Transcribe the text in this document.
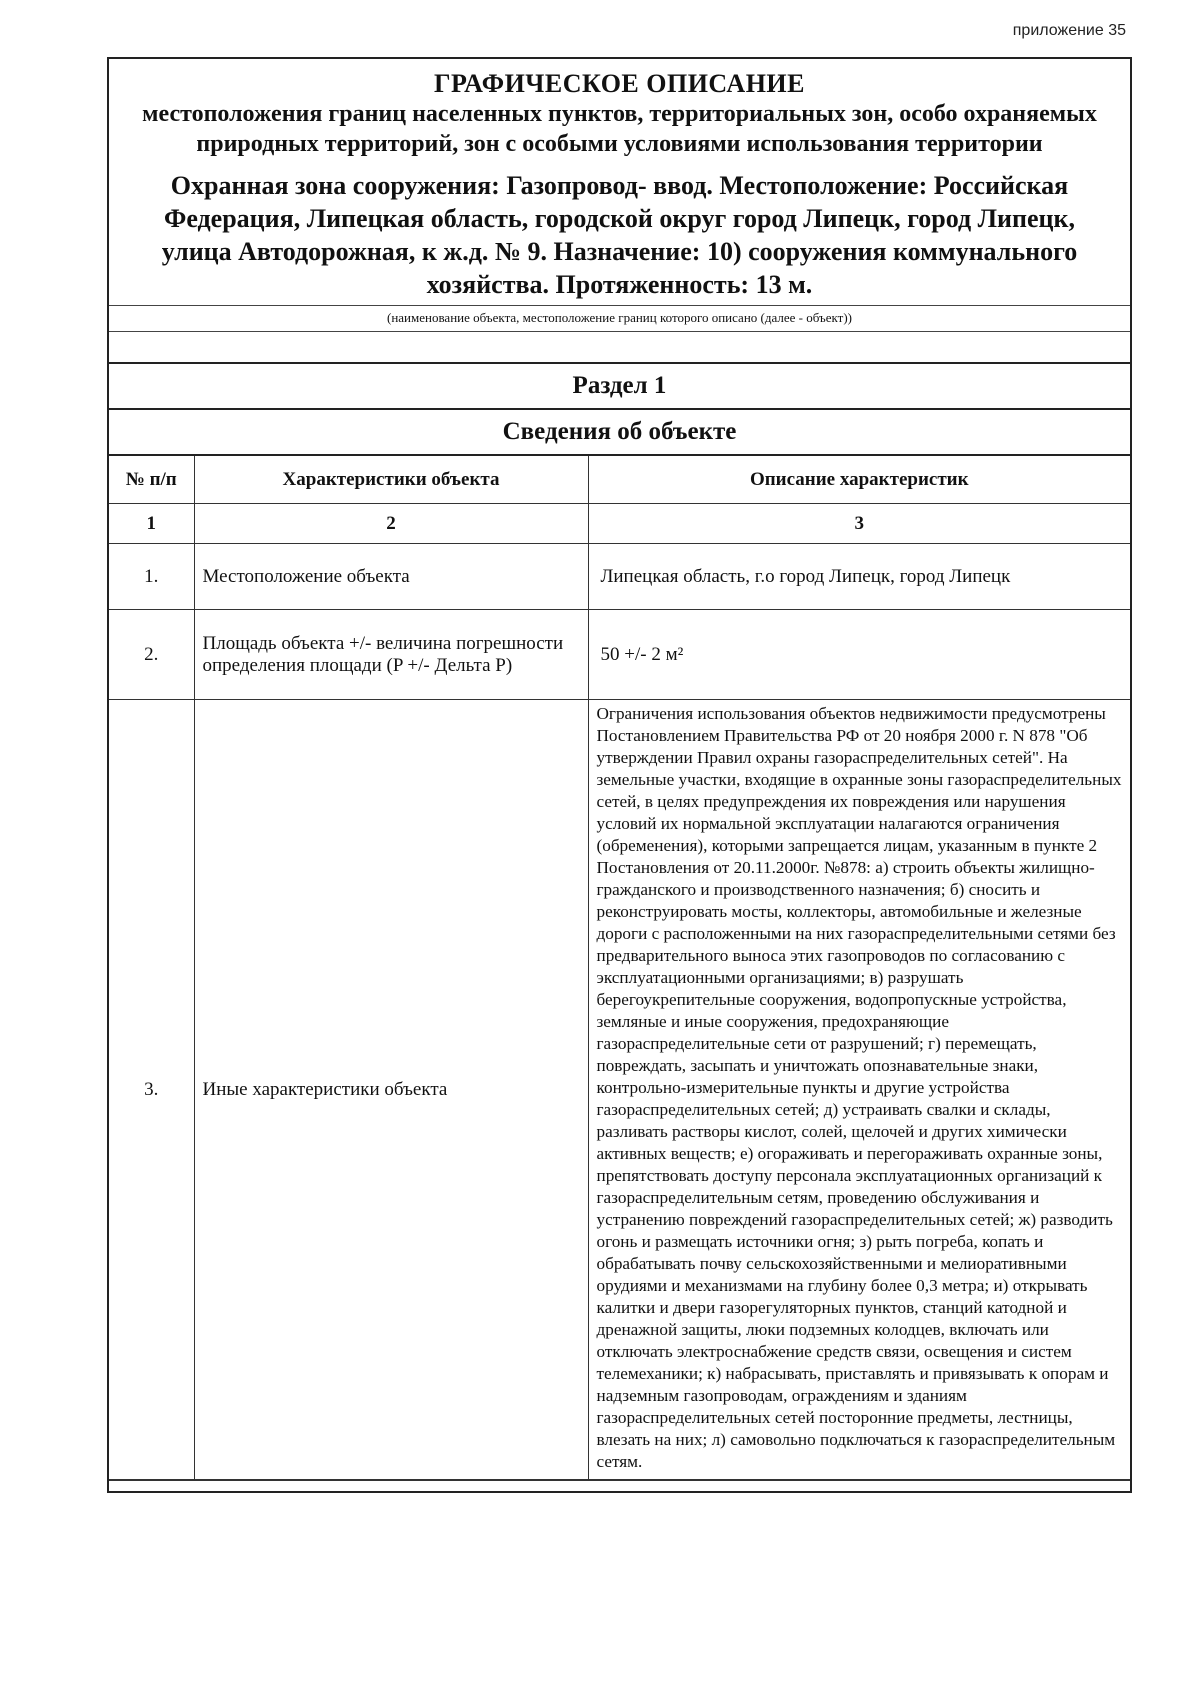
приложение 35
ГРАФИЧЕСКОЕ ОПИСАНИЕ
местоположения границ населенных пунктов, территориальных зон, особо охраняемых природных территорий, зон с особыми условиями использования территории
Охранная зона сооружения: Газопровод- ввод. Местоположение: Российская Федерация, Липецкая область, городской округ город Липецк, город Липецк, улица Автодорожная, к ж.д. № 9. Назначение: 10) сооружения коммунального хозяйства. Протяженность: 13 м.
(наименование объекта, местоположение границ которого описано (далее - объект))
Раздел 1
Сведения об объекте
№ п/п	Характеристики объекта	Описание характеристик
1	2	3
1.	Местоположение объекта	Липецкая область, г.о город Липецк, город Липецк
2.	Площадь объекта +/- величина погрешности определения площади (P +/- Дельта P)	50 +/- 2 м²
3.	Иные характеристики объекта	Ограничения использования объектов недвижимости предусмотрены Постановлением Правительства РФ от 20 ноября 2000 г. N 878 "Об утверждении Правил охраны газораспределительных сетей". На земельные участки, входящие в охранные зоны газораспределительных сетей, в целях предупреждения их повреждения или нарушения условий их нормальной эксплуатации налагаются ограничения (обременения), которыми запрещается лицам, указанным в пункте 2 Постановления от 20.11.2000г. №878: а) строить объекты жилищно-гражданского и производственного назначения; б) сносить и реконструировать мосты, коллекторы, автомобильные и железные дороги с расположенными на них газораспределительными сетями без предварительного выноса этих газопроводов по согласованию с эксплуатационными организациями; в) разрушать берегоукрепительные сооружения, водопропускные устройства, земляные и иные сооружения, предохраняющие газораспределительные сети от разрушений; г) перемещать, повреждать, засыпать и уничтожать опознавательные знаки, контрольно-измерительные пункты и другие устройства газораспределительных сетей; д) устраивать свалки и склады, разливать растворы кислот, солей, щелочей и других химически активных веществ; е) огораживать и перегораживать охранные зоны, препятствовать доступу персонала эксплуатационных организаций к газораспределительным сетям, проведению обслуживания и устранению повреждений газораспределительных сетей; ж) разводить огонь и размещать источники огня; з) рыть погреба, копать и обрабатывать почву сельскохозяйственными и мелиоративными орудиями и механизмами на глубину более 0,3 метра; и) открывать калитки и двери газорегуляторных пунктов, станций катодной и дренажной защиты, люки подземных колодцев, включать или отключать электроснабжение средств связи, освещения и систем телемеханики; к) набрасывать, приставлять и привязывать к опорам и надземным газопроводам, ограждениям и зданиям газораспределительных сетей посторонние предметы, лестницы, влезать на них; л) самовольно подключаться к газораспределительным сетям.
